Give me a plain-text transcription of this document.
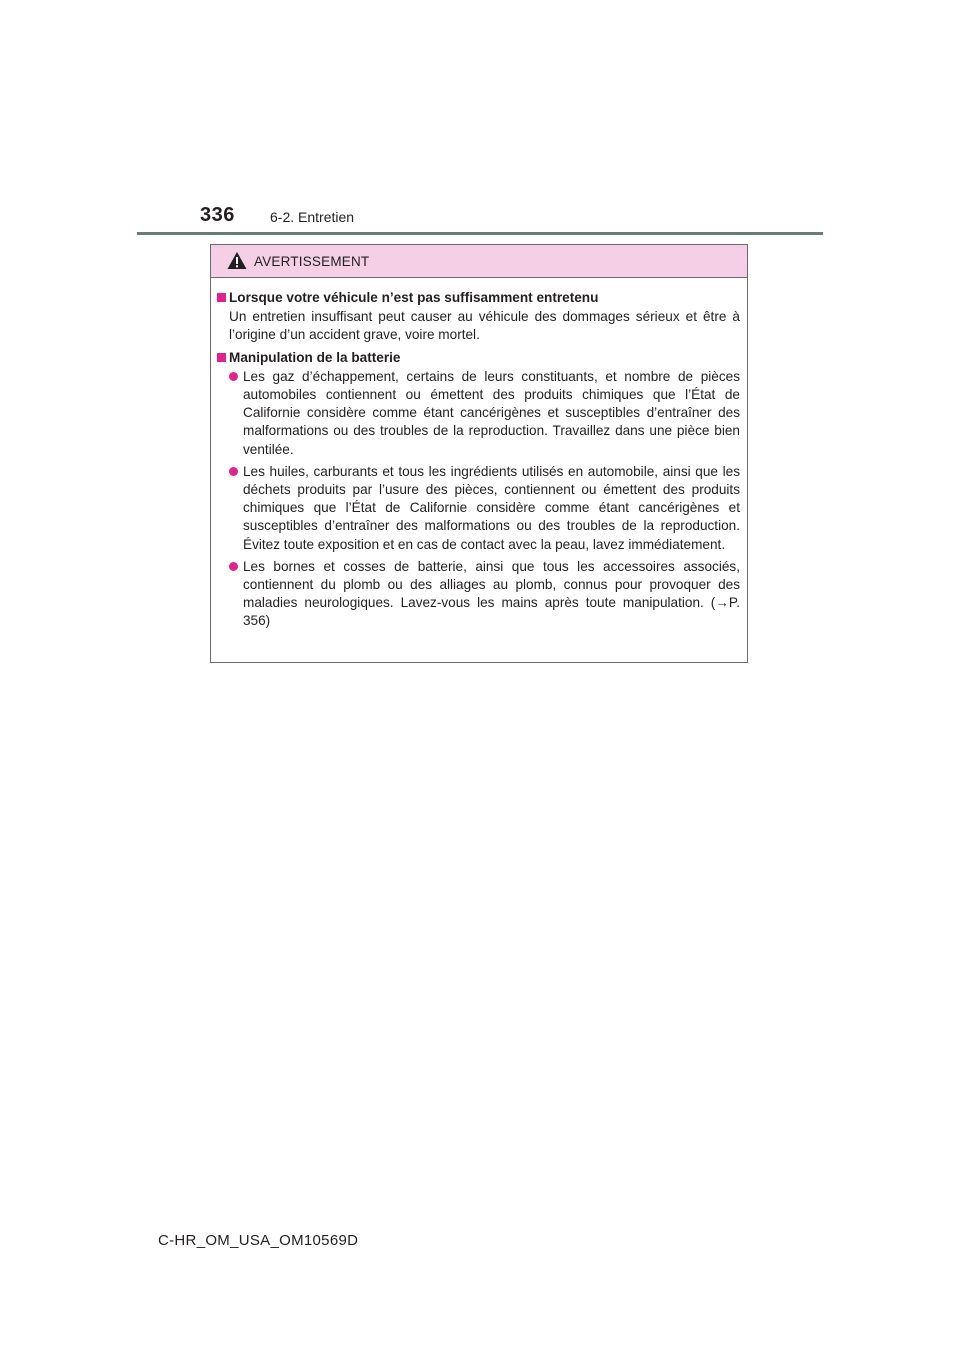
336	6-2. Entretien
AVERTISSEMENT
Lorsque votre véhicule n’est pas suffisamment entretenu
Un entretien insuffisant peut causer au véhicule des dommages sérieux et être à l’origine d’un accident grave, voire mortel.
Manipulation de la batterie
Les gaz d’échappement, certains de leurs constituants, et nombre de pièces automobiles contiennent ou émettent des produits chimiques que l’État de Californie considère comme étant cancérigènes et susceptibles d’entraîner des malformations ou des troubles de la reproduction. Travaillez dans une pièce bien ventilée.
Les huiles, carburants et tous les ingrédients utilisés en automobile, ainsi que les déchets produits par l’usure des pièces, contiennent ou émettent des produits chimiques que l’État de Californie considère comme étant cancérigènes et susceptibles d’entraîner des malformations ou des troubles de la reproduction. Évitez toute exposition et en cas de contact avec la peau, lavez immédiatement.
Les bornes et cosses de batterie, ainsi que tous les accessoires associés, contiennent du plomb ou des alliages au plomb, connus pour provoquer des maladies neurologiques. Lavez-vous les mains après toute manipulation. (→P. 356)
C-HR_OM_USA_OM10569D
